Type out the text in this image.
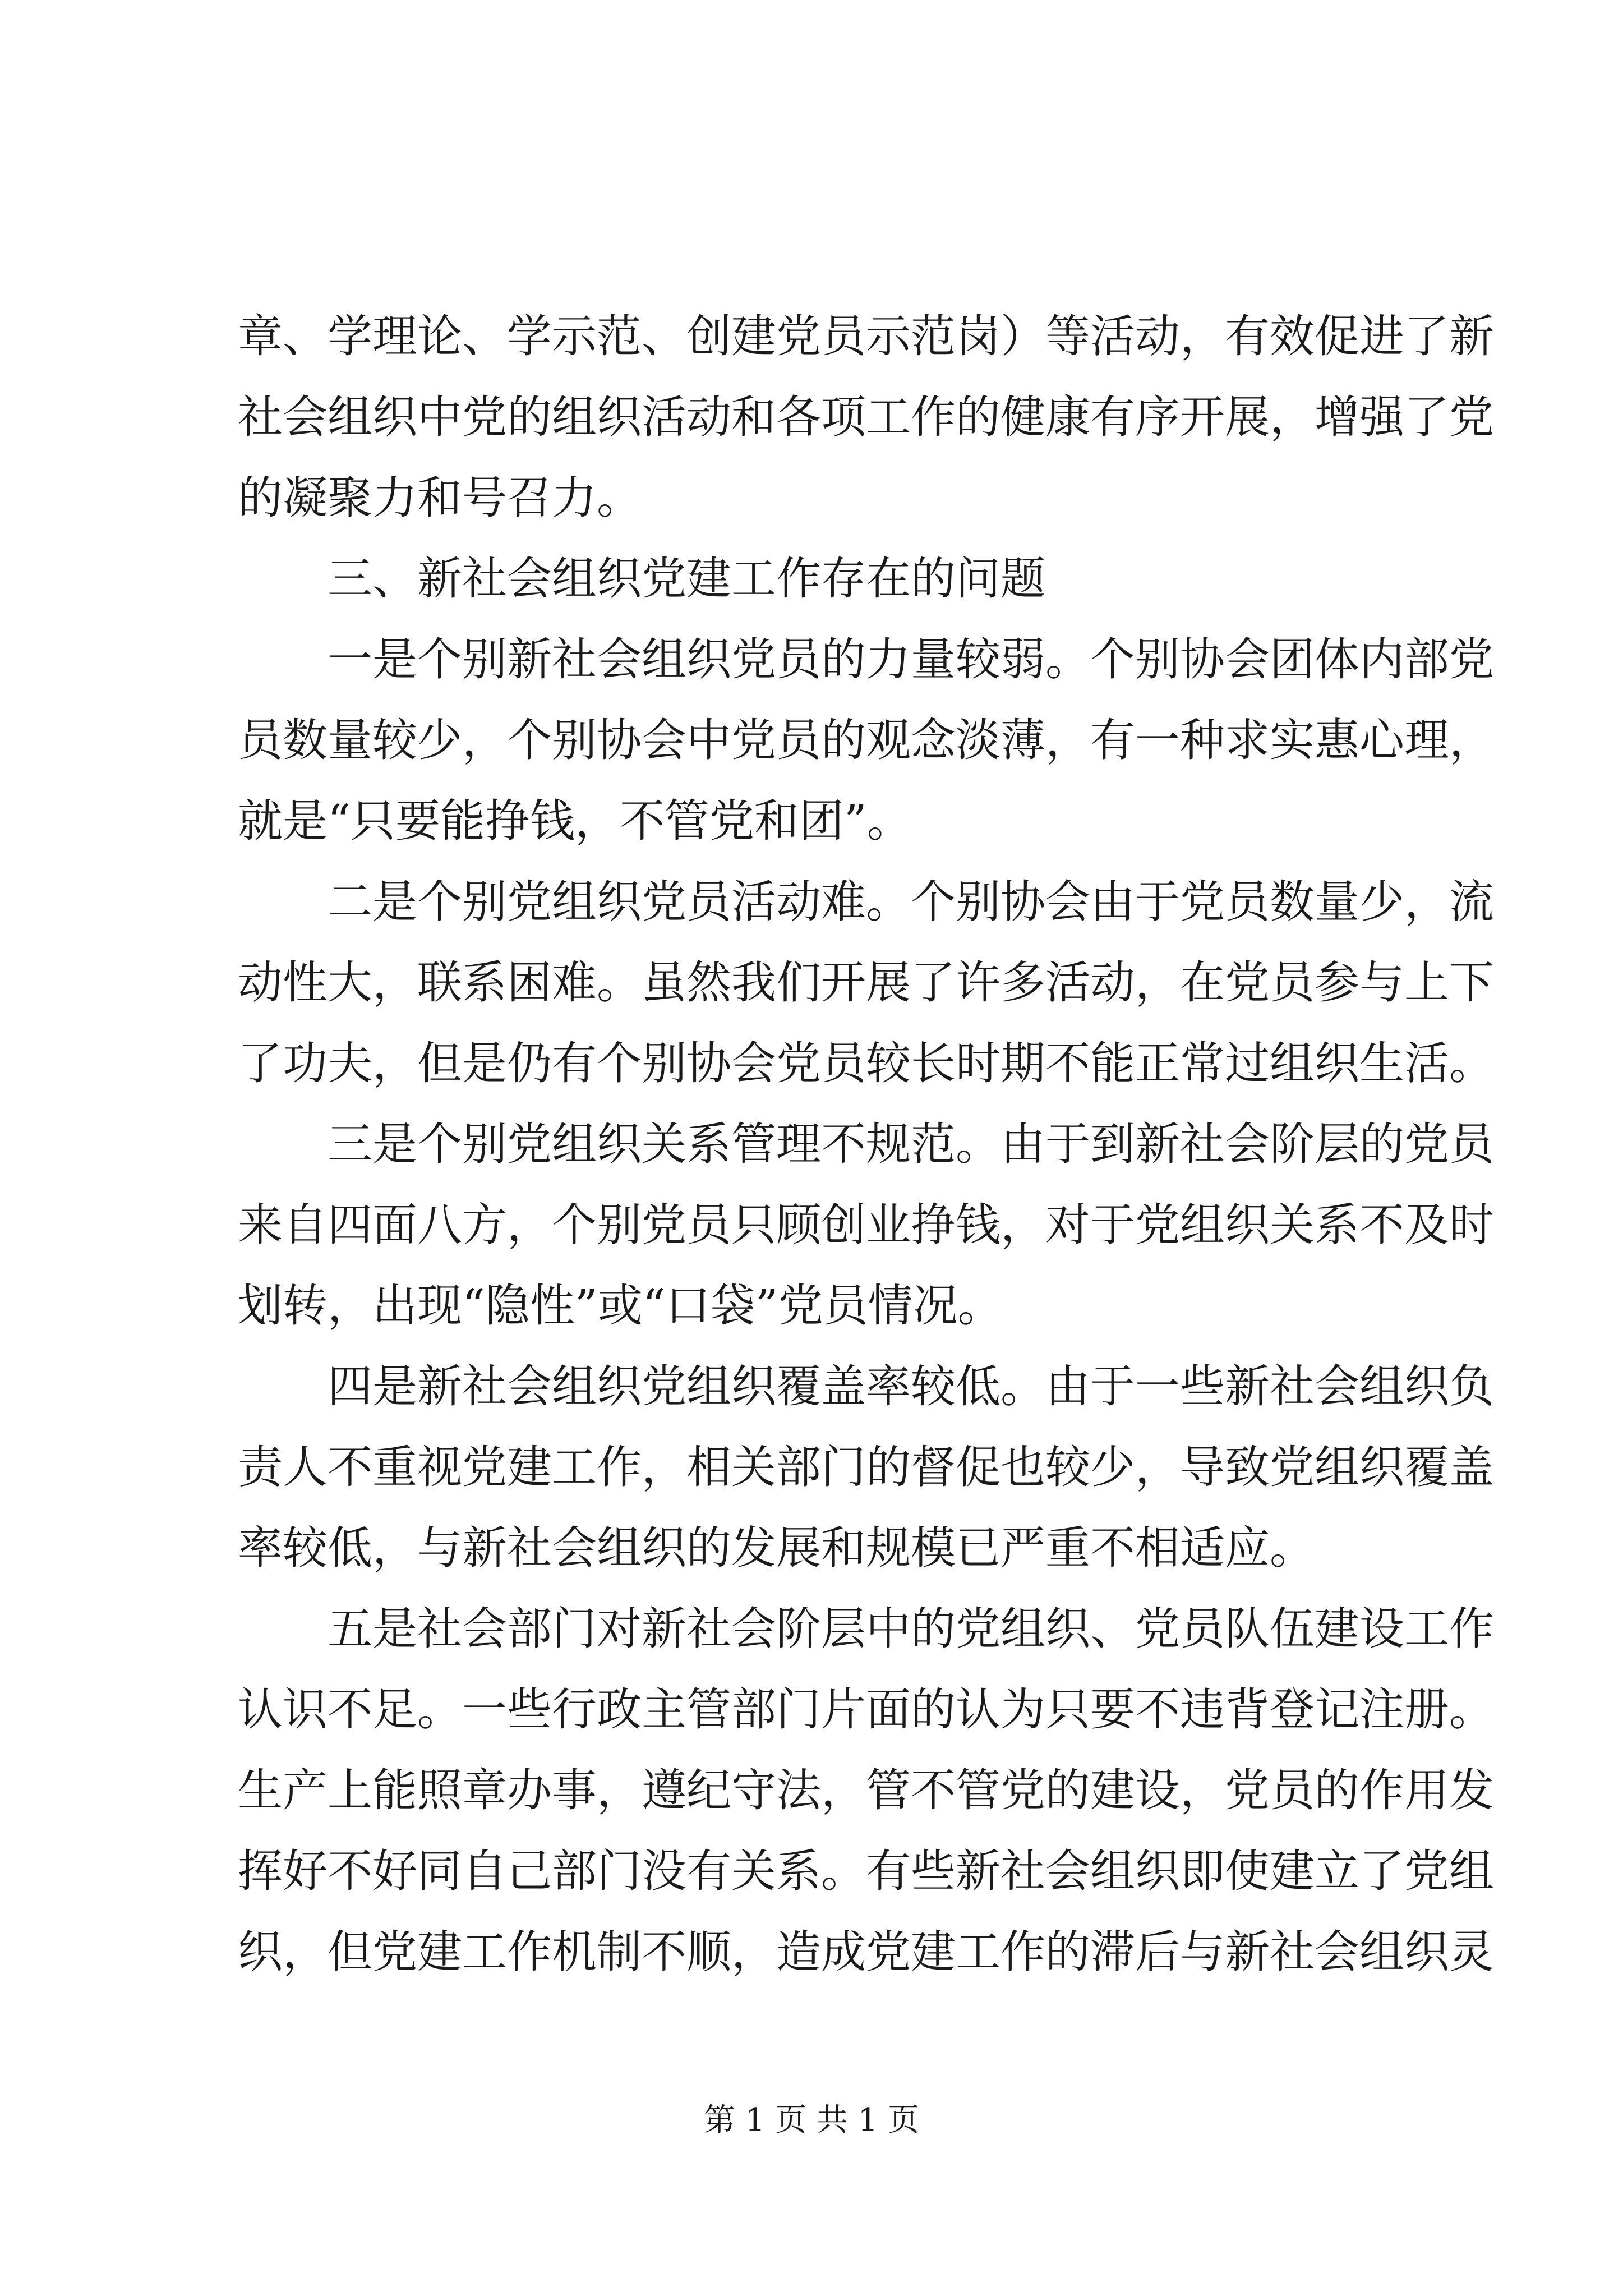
章、学理论、学示范、创建党员示范岗）等活动，有效促进了新
社会组织中党的组织活动和各项工作的健康有序开展，增强了党
的凝聚力和号召力。
三、新社会组织党建工作存在的问题
一是个别新社会组织党员的力量较弱。个别协会团体内部党
员数量较少，个别协会中党员的观念淡薄，有一种求实惠心理，
就是“只要能挣钱，不管党和团”。
二是个别党组织党员活动难。个别协会由于党员数量少，流
动性大，联系困难。虽然我们开展了许多活动，在党员参与上下
了功夫，但是仍有个别协会党员较长时期不能正常过组织生活。
三是个别党组织关系管理不规范。由于到新社会阶层的党员
来自四面八方，个别党员只顾创业挣钱，对于党组织关系不及时
划转，出现“隐性”或“口袋”党员情况。
四是新社会组织党组织覆盖率较低。由于一些新社会组织负
责人不重视党建工作，相关部门的督促也较少，导致党组织覆盖
率较低，与新社会组织的发展和规模已严重不相适应。
五是社会部门对新社会阶层中的党组织、党员队伍建设工作
认识不足。一些行政主管部门片面的认为只要不违背登记注册。
生产上能照章办事，遵纪守法，管不管党的建设，党员的作用发
挥好不好同自己部门没有关系。有些新社会组织即使建立了党组
织，但党建工作机制不顺，造成党建工作的滞后与新社会组织灵
第 1 页 共 1 页
